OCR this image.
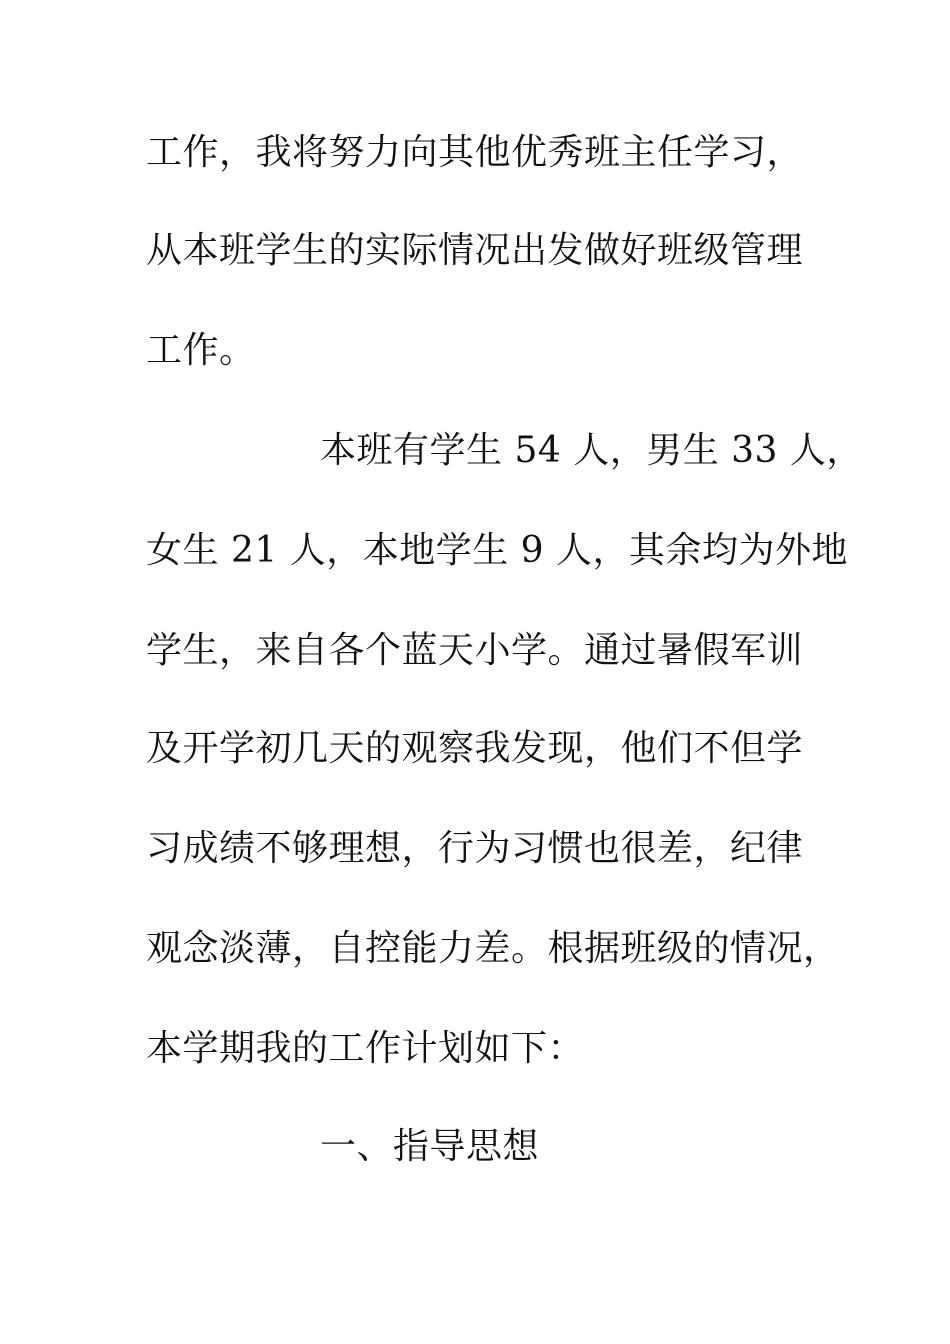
工作，我将努力向其他优秀班主任学习，
从本班学生的实际情况出发做好班级管理
工作。
本班有学生 54 人，男生 33 人，
女生 21 人，本地学生 9 人，其余均为外地
学生，来自各个蓝天小学。通过暑假军训
及开学初几天的观察我发现，他们不但学
习成绩不够理想，行为习惯也很差，纪律
观念淡薄，自控能力差。根据班级的情况，
本学期我的工作计划如下：
一、指导思想
